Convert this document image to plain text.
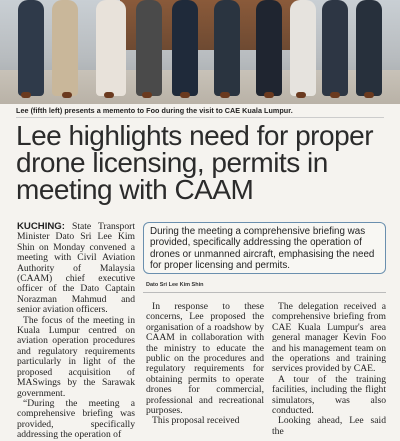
Lee (fifth left) presents a memento to Foo during the visit to CAE Kuala Lumpur.
Lee highlights need for proper drone licensing, permits in meeting with CAAM
During the meeting a comprehensive briefing was provided, specifically addressing the operation of drones or unmanned aircraft, emphasising the need for proper licensing and permits.
Dato Sri Lee Kim Shin

KUCHING: State Transport Minister Dato Sri Lee Kim Shin on Monday convened a meeting with Civil Aviation Authority of Malaysia (CAAM) chief executive officer of the Dato Captain Norazman Mahmud and senior aviation officers.

The focus of the meeting in Kuala Lumpur centred on aviation operation procedures and regulatory requirements particularly in light of the proposed acquisition of MASwings by the Sarawak government.

“During the meeting a comprehensive briefing was provided, specifically addressing the operation of

In response to these concerns, Lee proposed the organisation of a roadshow by CAAM in collaboration with the ministry to educate the public on the procedures and regulatory requirements for obtaining permits to operate drones for commercial, professional and recreational purposes.

This proposal received

The delegation received a comprehensive briefing from CAE Kuala Lumpur's area general manager Kevin Foo and his management team on the operations and training services provided by CAE.

A tour of the training facilities, including the flight simulators, was also conducted.

Looking ahead, Lee said the
